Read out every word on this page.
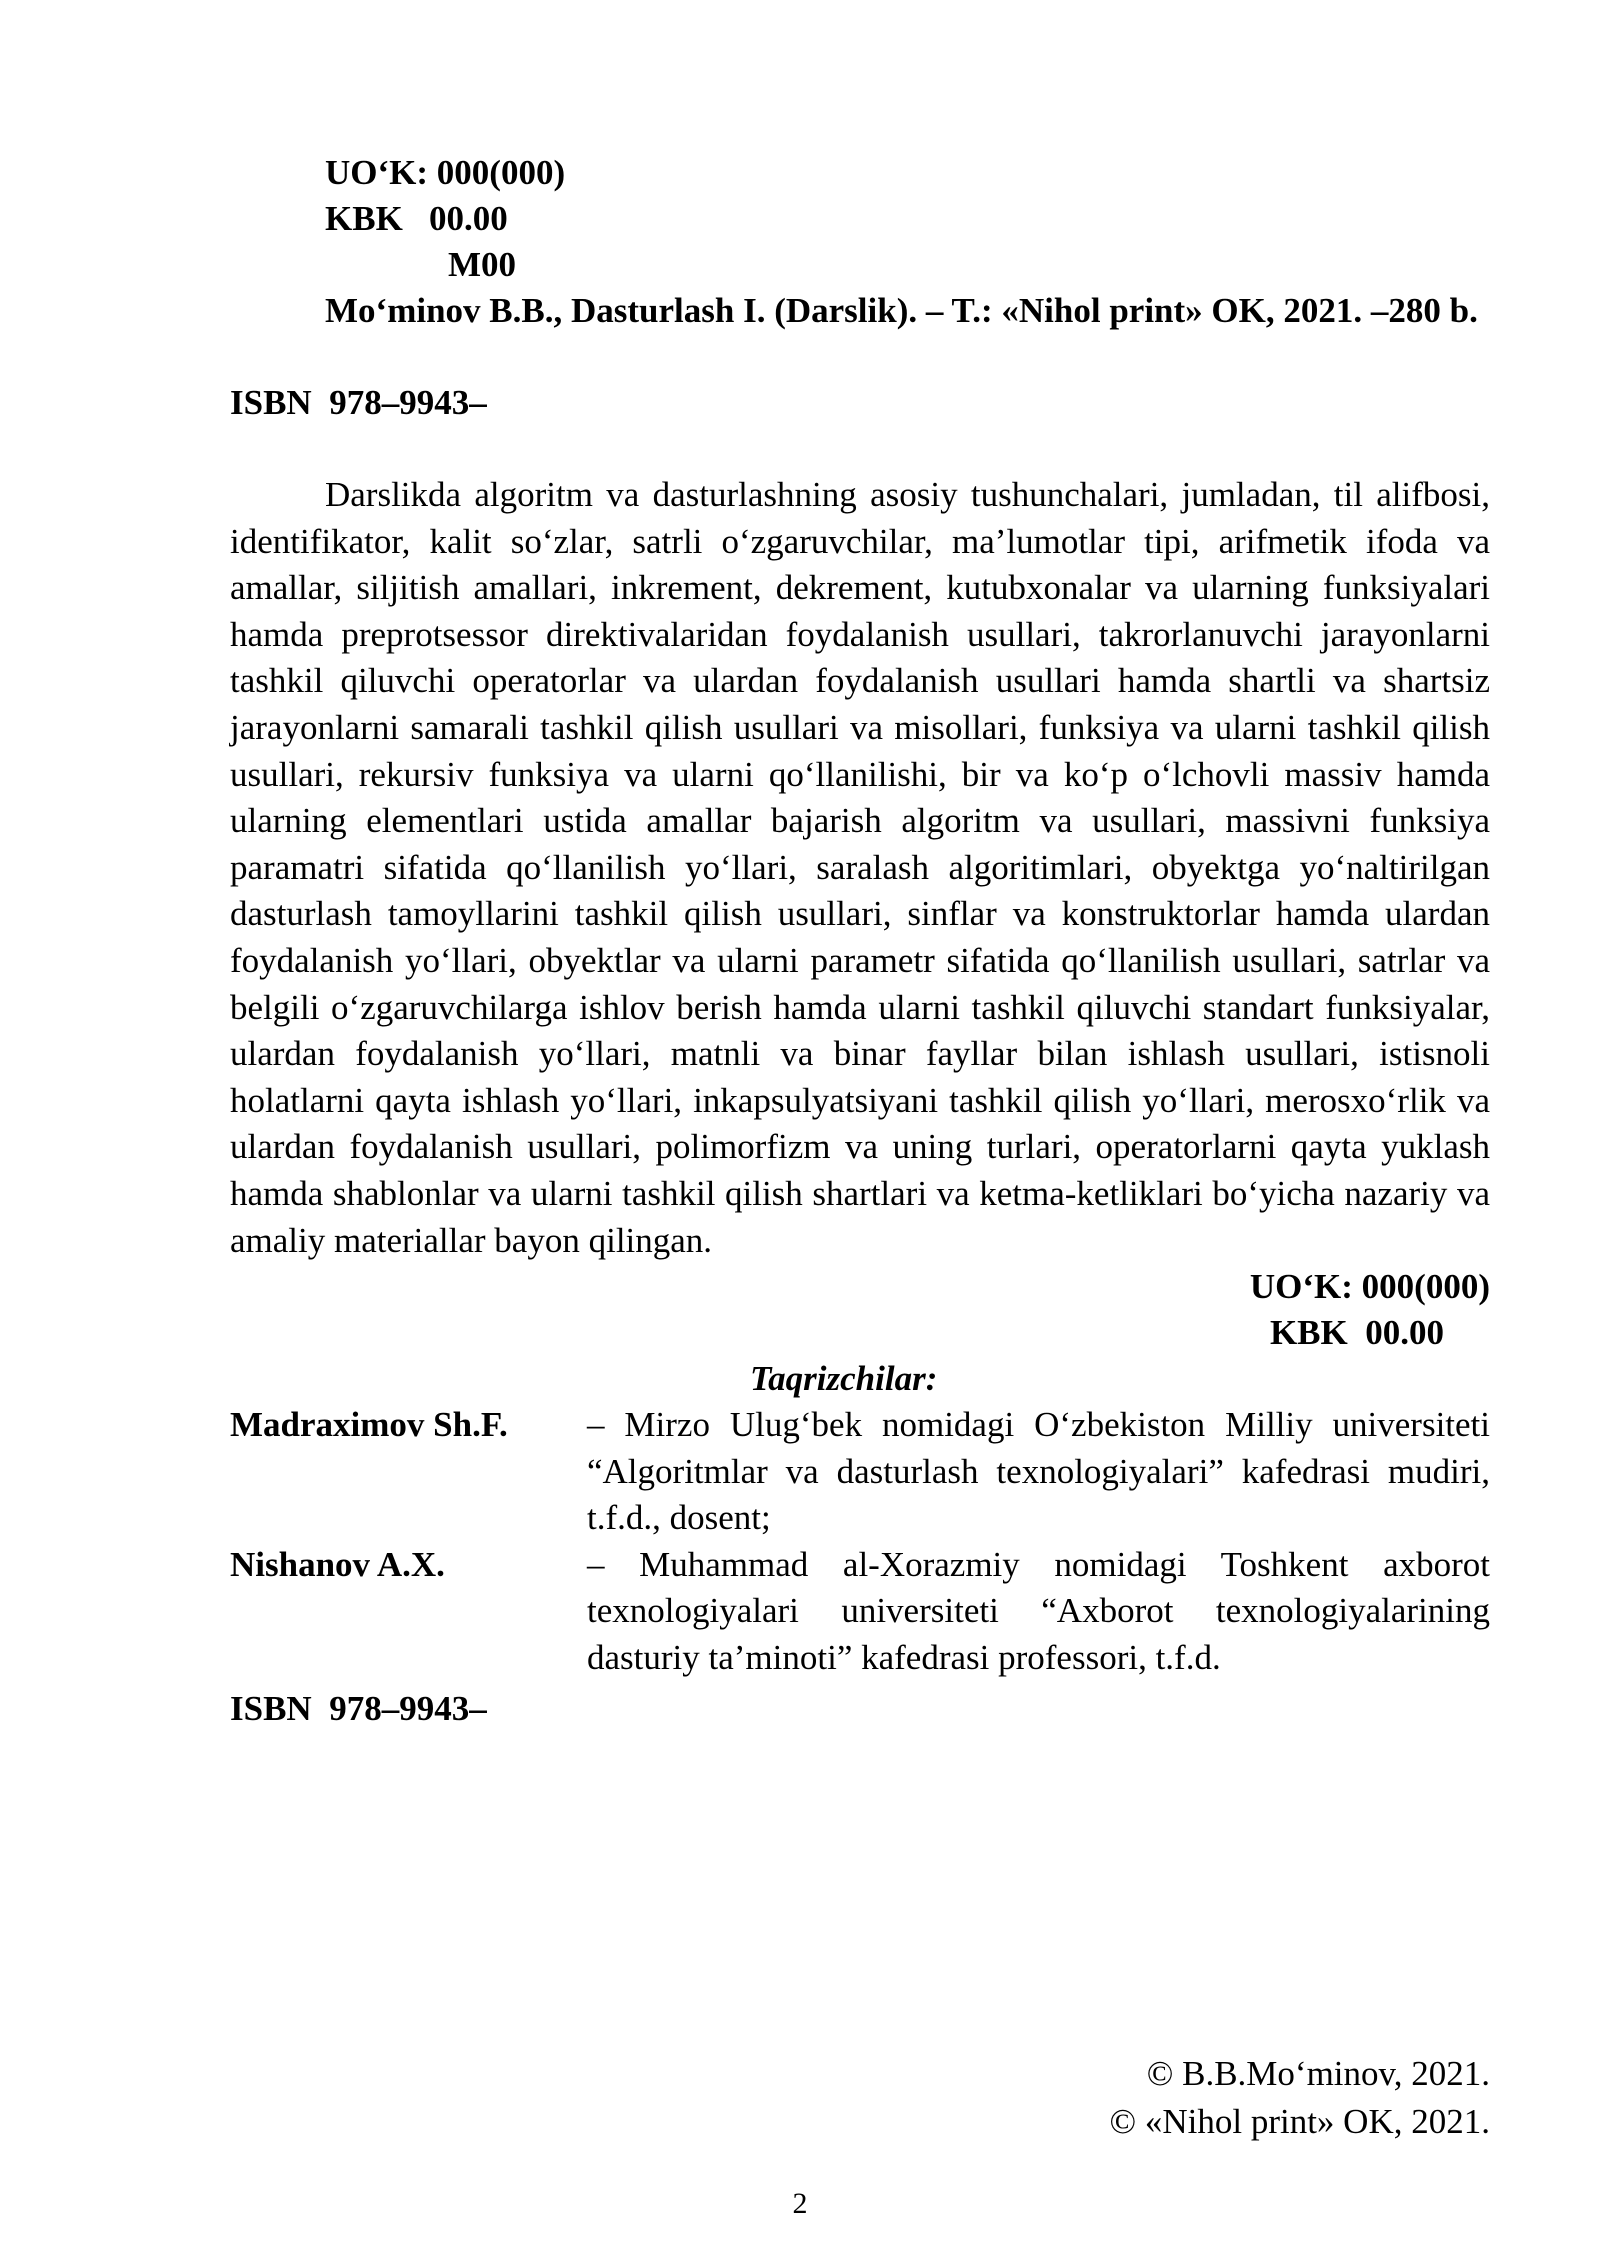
UO‘K: 000(000)
KBK   00.00
M00
Mo‘minov B.B., Dasturlash I. (Darslik). – T.: «Nihol print» OK, 2021. –280 b.
ISBN  978–9943–

Darslikda algoritm va dasturlashning asosiy tushunchalari, jumladan, til alifbosi, identifikator, kalit so‘zlar, satrli o‘zgaruvchilar, ma’lumotlar tipi, arifmetik ifoda va amallar, siljitish amallari, inkrement, dekrement, kutubxonalar va ularning funksiyalari hamda preprotsessor direktivalaridan foydalanish usullari, takrorlanuvchi jarayonlarni tashkil qiluvchi operatorlar va ulardan foydalanish usullari hamda shartli va shartsiz jarayonlarni samarali tashkil qilish usullari va misollari, funksiya va ularni tashkil qilish usullari, rekursiv funksiya va ularni qo‘llanilishi, bir va ko‘p o‘lchovli massiv hamda ularning elementlari ustida amallar bajarish algoritm va usullari, massivni funksiya paramatri sifatida qo‘llanilish yo‘llari, saralash algoritimlari, obyektga yo‘naltirilgan dasturlash tamoyllarini tashkil qilish usullari, sinflar va konstruktorlar hamda ulardan foydalanish yo‘llari, obyektlar va ularni parametr sifatida qo‘llanilish usullari, satrlar va belgili o‘zgaruvchilarga ishlov berish hamda ularni tashkil qiluvchi standart funksiyalar, ulardan foydalanish yo‘llari, matnli va binar fayllar bilan ishlash usullari, istisnoli holatlarni qayta ishlash yo‘llari, inkapsulyatsiyani tashkil qilish yo‘llari, merosxo‘rlik va ulardan foydalanish usullari, polimorfizm va uning turlari, operatorlarni qayta yuklash hamda shablonlar va ularni tashkil qilish shartlari va ketma-ketliklari bo‘yicha nazariy va amaliy materiallar bayon qilingan.

UO‘K: 000(000)
KBK  00.00
Taqrizchilar:
Madraximov Sh.F.	– Mirzo Ulug‘bek nomidagi O‘zbekiston Milliy universiteti “Algoritmlar va dasturlash texnologiyalari” kafedrasi mudiri, t.f.d., dosent;
Nishanov A.X.	– Muhammad al-Xorazmiy nomidagi Toshkent axborot texnologiyalari universiteti “Axborot texnologiyalarining dasturiy ta’minoti” kafedrasi professori, t.f.d.
ISBN  978–9943–
© B.B.Mo‘minov, 2021.
© «Nihol print» OK, 2021.
2
